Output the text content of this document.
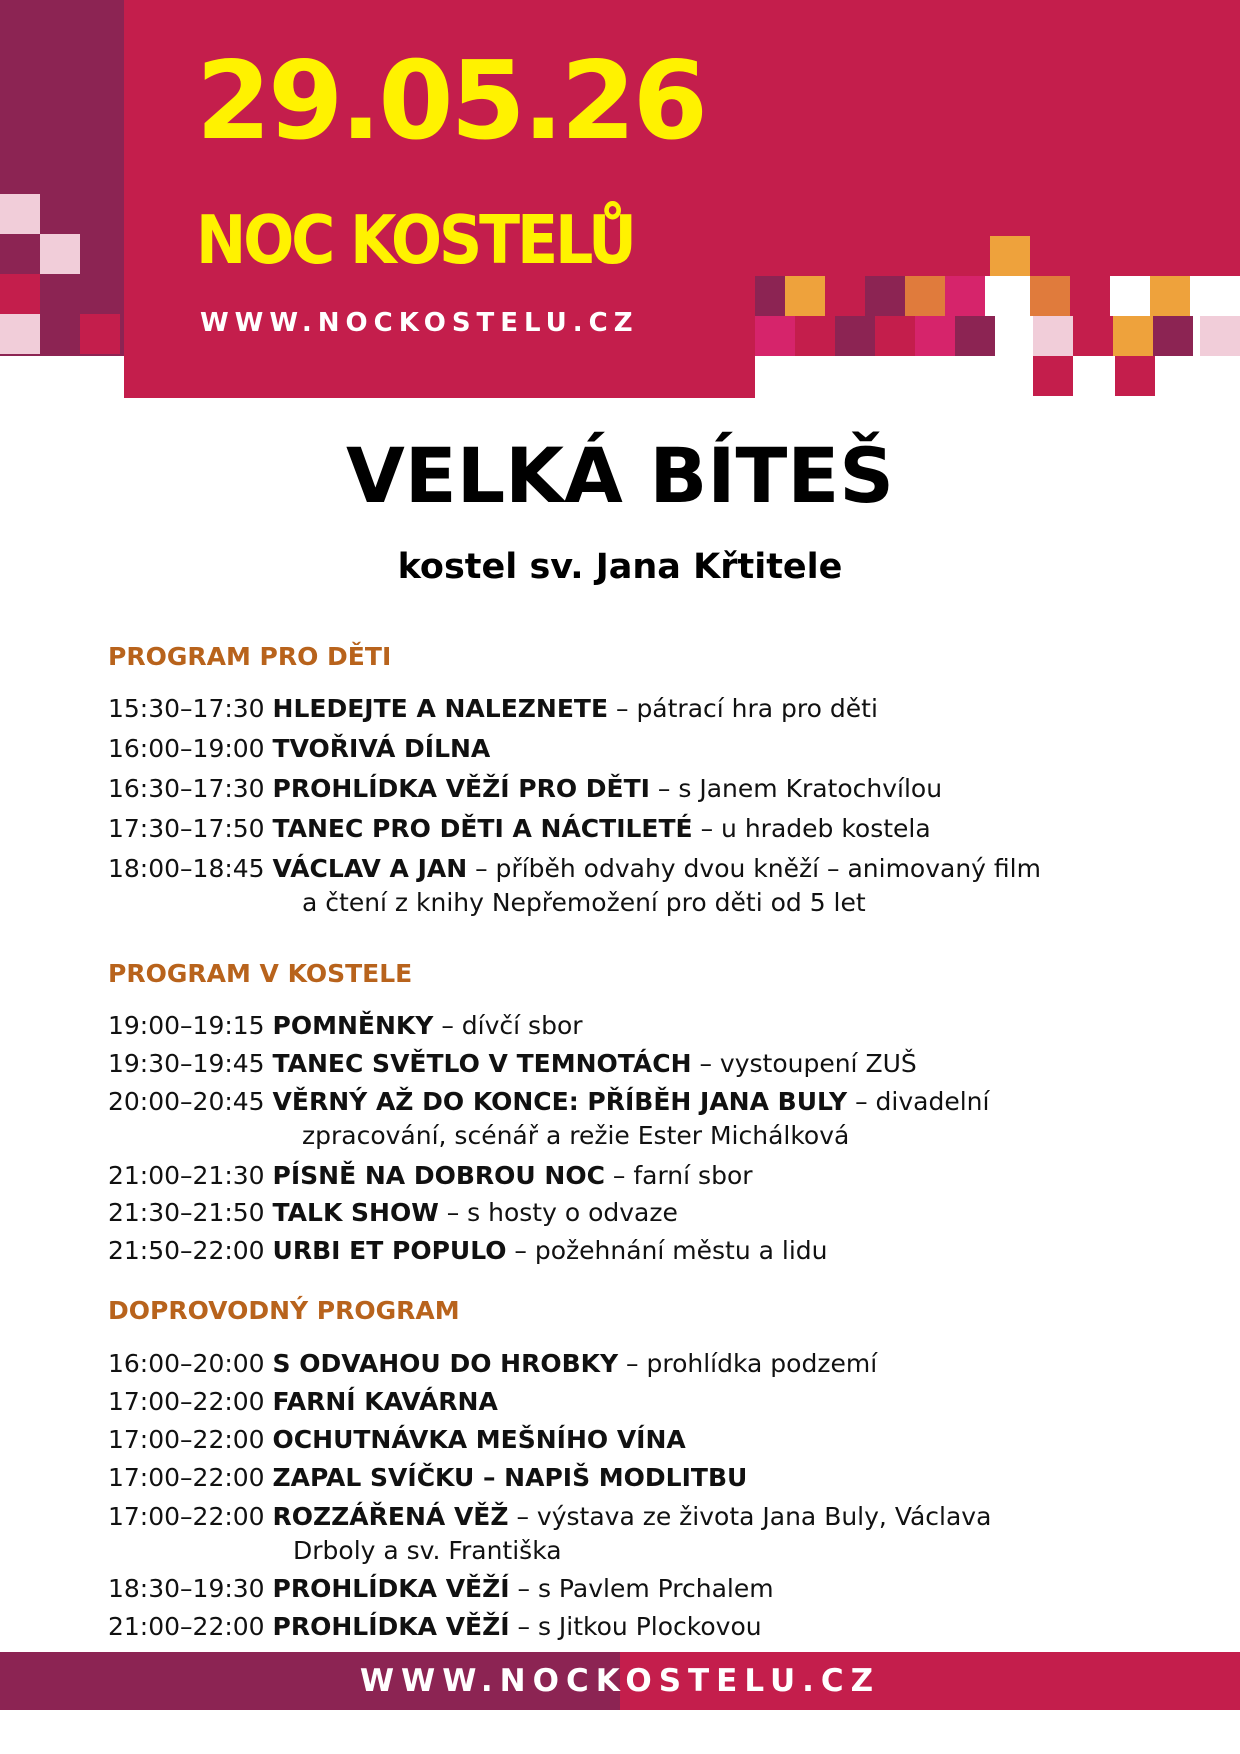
29.05.26
NOC KOSTELŮ
WWW.NOCKOSTELU.CZ
VELKÁ BÍTEŠ
kostel sv. Jana Křtitele
PROGRAM PRO DĚTI
15:30–17:30 HLEDEJTE A NALEZNETE – pátrací hra pro děti
16:00–19:00 TVOŘIVÁ DÍLNA
16:30–17:30 PROHLÍDKA VĚŽÍ PRO DĚTI – s Janem Kratochvílou
17:30–17:50 TANEC PRO DĚTI A NÁCTILETÉ – u hradeb kostela
18:00–18:45 VÁCLAV A JAN – příběh odvahy dvou kněží – animovaný film
a čtení z knihy Nepřemožení pro děti od 5 let
PROGRAM V KOSTELE
19:00–19:15 POMNĚNKY – dívčí sbor
19:30–19:45 TANEC SVĚTLO V TEMNOTÁCH – vystoupení ZUŠ
20:00–20:45 VĚRNÝ AŽ DO KONCE: PŘÍBĚH JANA BULY – divadelní
zpracování, scénář a režie Ester Michálková
21:00–21:30 PÍSNĚ NA DOBROU NOC – farní sbor
21:30–21:50 TALK SHOW – s hosty o odvaze
21:50–22:00 URBI ET POPULO – požehnání městu a lidu
DOPROVODNÝ PROGRAM
16:00–20:00 S ODVAHOU DO HROBKY – prohlídka podzemí
17:00–22:00 FARNÍ KAVÁRNA
17:00–22:00 OCHUTNÁVKA MEŠNÍHO VÍNA
17:00–22:00 ZAPAL SVÍČKU – NAPIŠ MODLITBU
17:00–22:00 ROZZÁŘENÁ VĚŽ – výstava ze života Jana Buly, Václava
Drboly a sv. Františka
18:30–19:30 PROHLÍDKA VĚŽÍ – s Pavlem Prchalem
21:00–22:00 PROHLÍDKA VĚŽÍ – s Jitkou Plockovou
WWW.NOCKOSTELU.CZ
